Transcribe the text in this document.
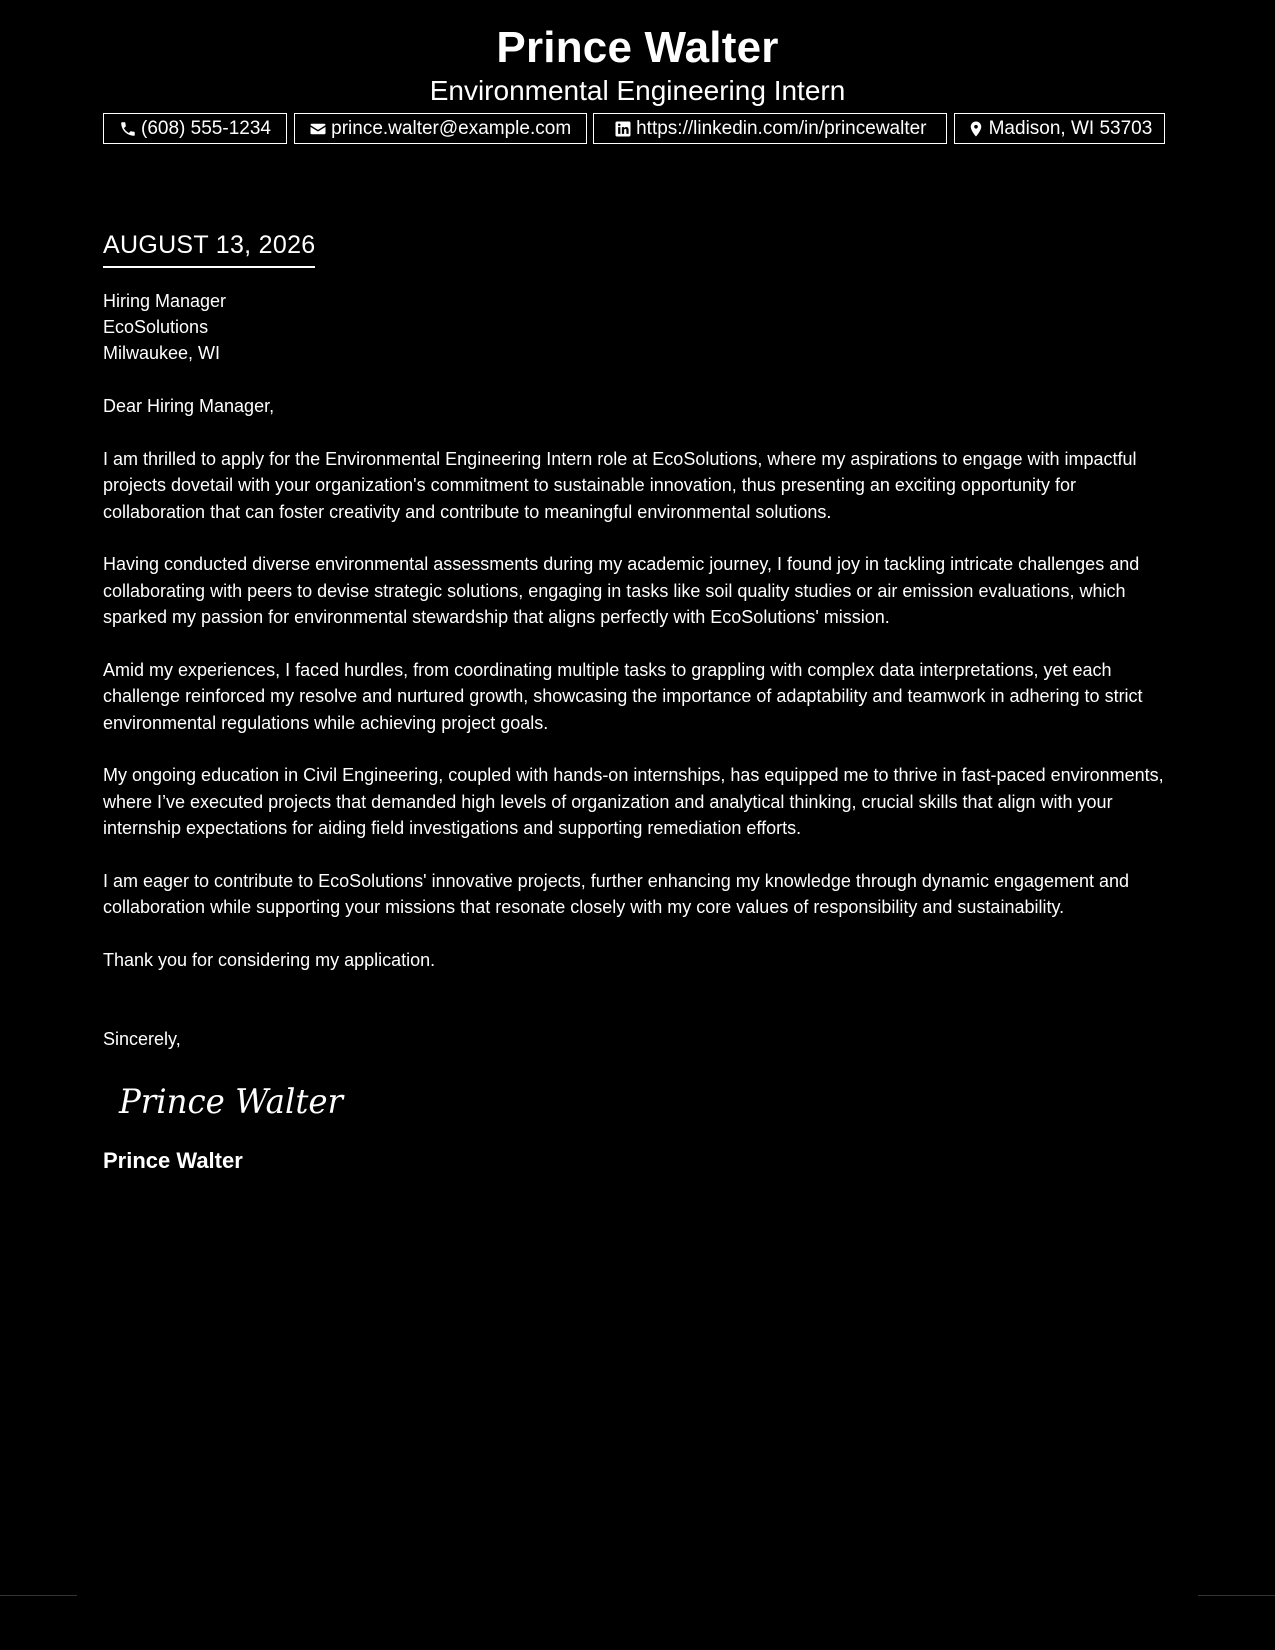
Prince Walter
Environmental Engineering Intern
(608) 555-1234	prince.walter@example.com	https://linkedin.com/in/princewalter	Madison, WI 53703
AUGUST 13, 2026
Hiring Manager
EcoSolutions
Milwaukee, WI
Dear Hiring Manager,
I am thrilled to apply for the Environmental Engineering Intern role at EcoSolutions, where my aspirations to engage with impactful projects dovetail with your organization's commitment to sustainable innovation, thus presenting an exciting opportunity for collaboration that can foster creativity and contribute to meaningful environmental solutions.
Having conducted diverse environmental assessments during my academic journey, I found joy in tackling intricate challenges and collaborating with peers to devise strategic solutions, engaging in tasks like soil quality studies or air emission evaluations, which sparked my passion for environmental stewardship that aligns perfectly with EcoSolutions' mission.
Amid my experiences, I faced hurdles, from coordinating multiple tasks to grappling with complex data interpretations, yet each challenge reinforced my resolve and nurtured growth, showcasing the importance of adaptability and teamwork in adhering to strict environmental regulations while achieving project goals.
My ongoing education in Civil Engineering, coupled with hands-on internships, has equipped me to thrive in fast-paced environments, where I’ve executed projects that demanded high levels of organization and analytical thinking, crucial skills that align with your internship expectations for aiding field investigations and supporting remediation efforts.
I am eager to contribute to EcoSolutions' innovative projects, further enhancing my knowledge through dynamic engagement and collaboration while supporting your missions that resonate closely with my core values of responsibility and sustainability.
Thank you for considering my application.
Sincerely,
Prince Walter
Prince Walter
